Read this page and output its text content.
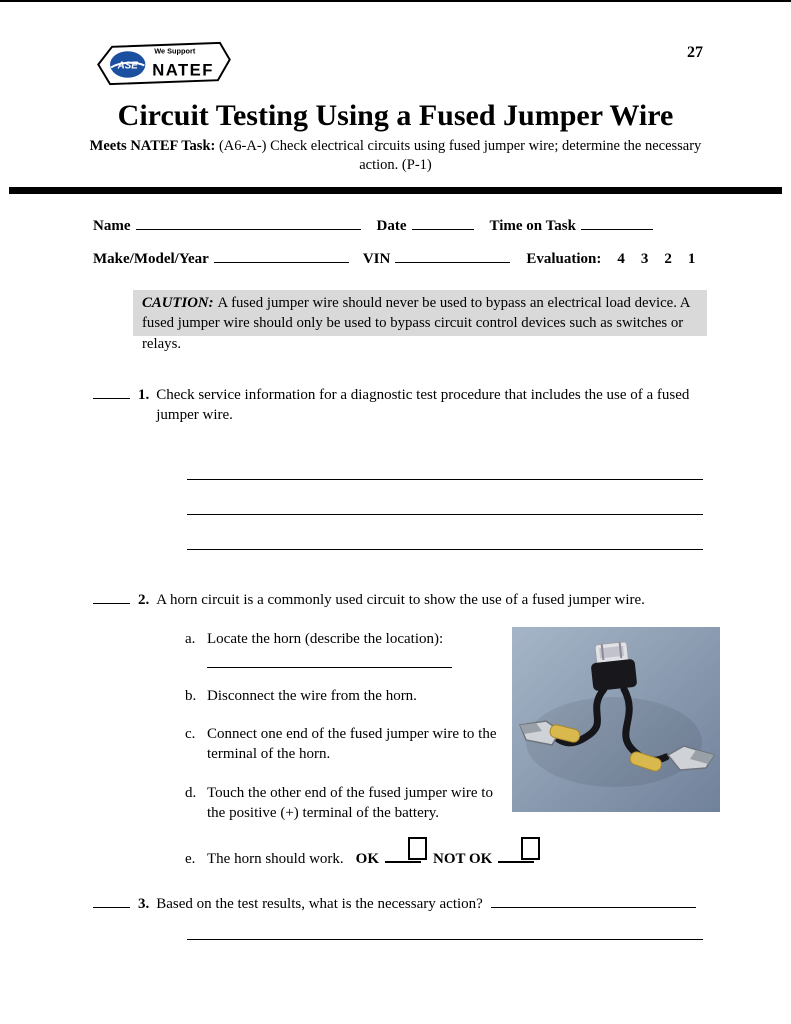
ASE
We Support
NATEF
27
Circuit Testing Using a Fused Jumper Wire

Meets NATEF Task: (A6-A-) Check electrical circuits using fused jumper wire; determine the necessary action. (P-1)

Name	Date	Time on Task
Make/Model/Year	VIN	Evaluation: 4 3 2 1
CAUTION: A fused jumper wire should never be used to bypass an electrical load device. A fused jumper wire should only be used to bypass circuit control devices such as switches or relays.
1. Check service information for a diagnostic test procedure that includes the use of a fused jumper wire.
2. A horn circuit is a commonly used circuit to show the use of a fused jumper wire.
a. Locate the horn (describe the location):
b. Disconnect the wire from the horn.
c. Connect one end of the fused jumper wire to the terminal of the horn.
d. Touch the other end of the fused jumper wire to the positive (+) terminal of the battery.
e. The horn should work. OK	NOT OK
3. Based on the test results, what is the necessary action?
